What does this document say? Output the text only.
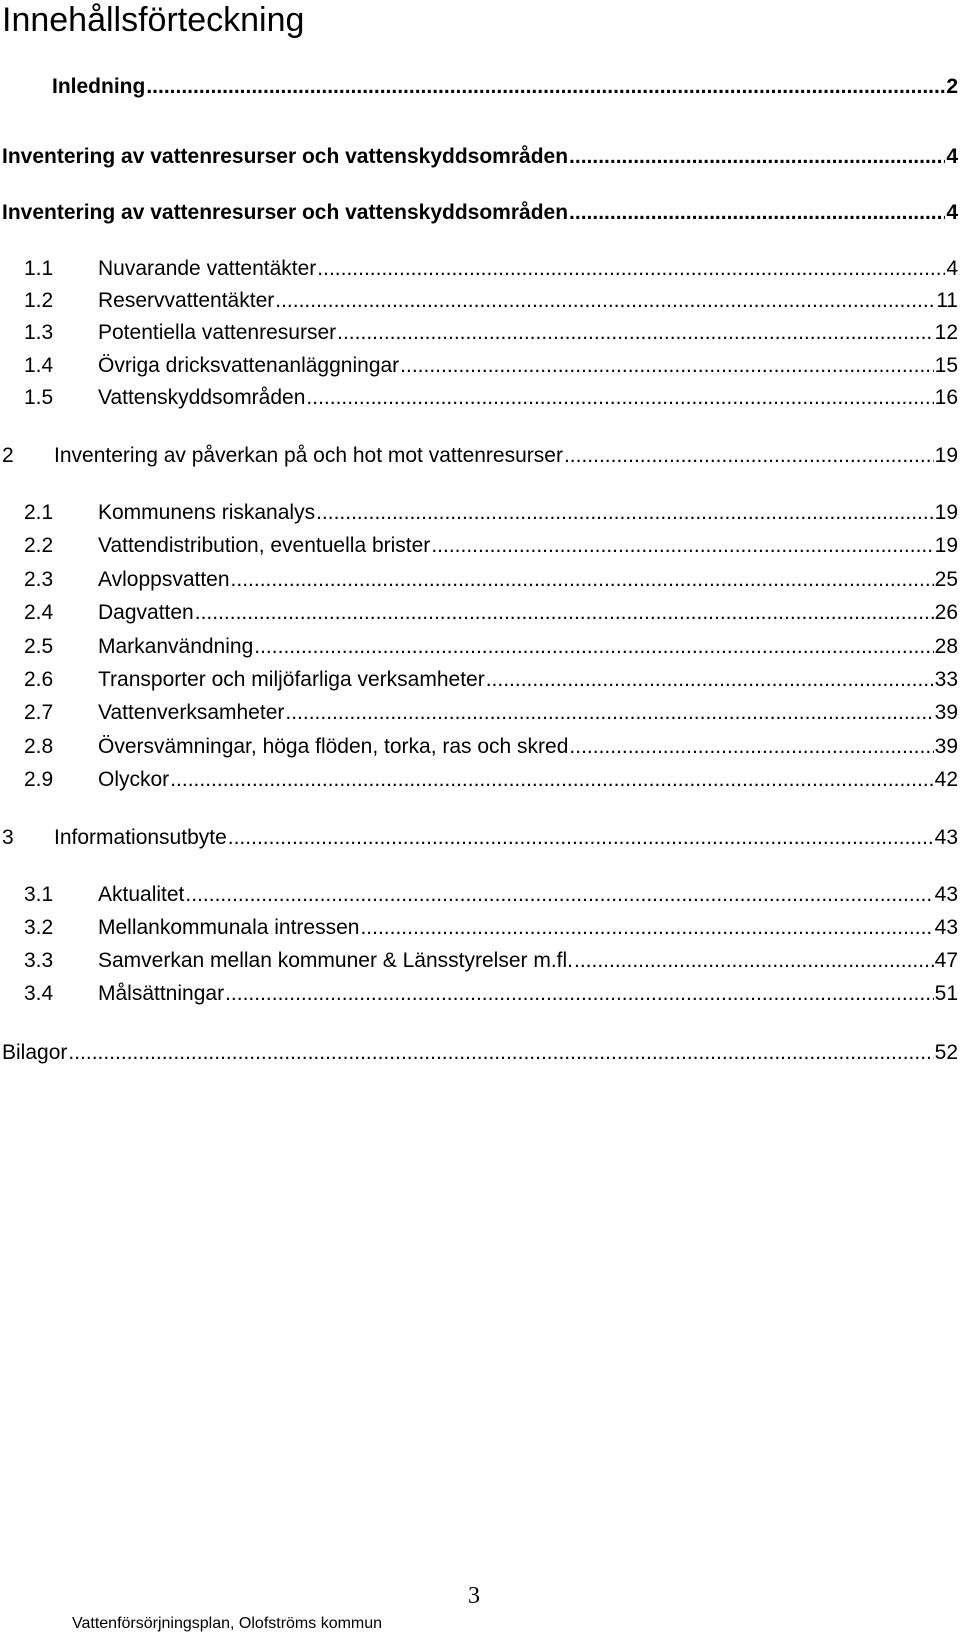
Innehållsförteckning
Inledning .....	2
Inventering av vattenresurser och vattenskyddsområden .....	4
Inventering av vattenresurser och vattenskyddsområden .....	4
1.1	Nuvarande vattentäkter .....	4
1.2	Reservvattentäkter .....	11
1.3	Potentiella vattenresurser .....	12
1.4	Övriga dricksvattenanläggningar .....	15
1.5	Vattenskyddsområden .....	16
2	Inventering av påverkan på och hot mot vattenresurser .....	19
2.1	Kommunens riskanalys .....	19
2.2	Vattendistribution, eventuella brister .....	19
2.3	Avloppsvatten .....	25
2.4	Dagvatten .....	26
2.5	Markanvändning .....	28
2.6	Transporter och miljöfarliga verksamheter .....	33
2.7	Vattenverksamheter .....	39
2.8	Översvämningar, höga flöden, torka, ras och skred .....	39
2.9	Olyckor .....	42
3	Informationsutbyte .....	43
3.1	Aktualitet .....	43
3.2	Mellankommunala intressen .....	43
3.3	Samverkan mellan kommuner & Länsstyrelser m.fl. .....	47
3.4	Målsättningar .....	51
Bilagor .....	52
3
Vattenförsörjningsplan, Olofströms kommun
